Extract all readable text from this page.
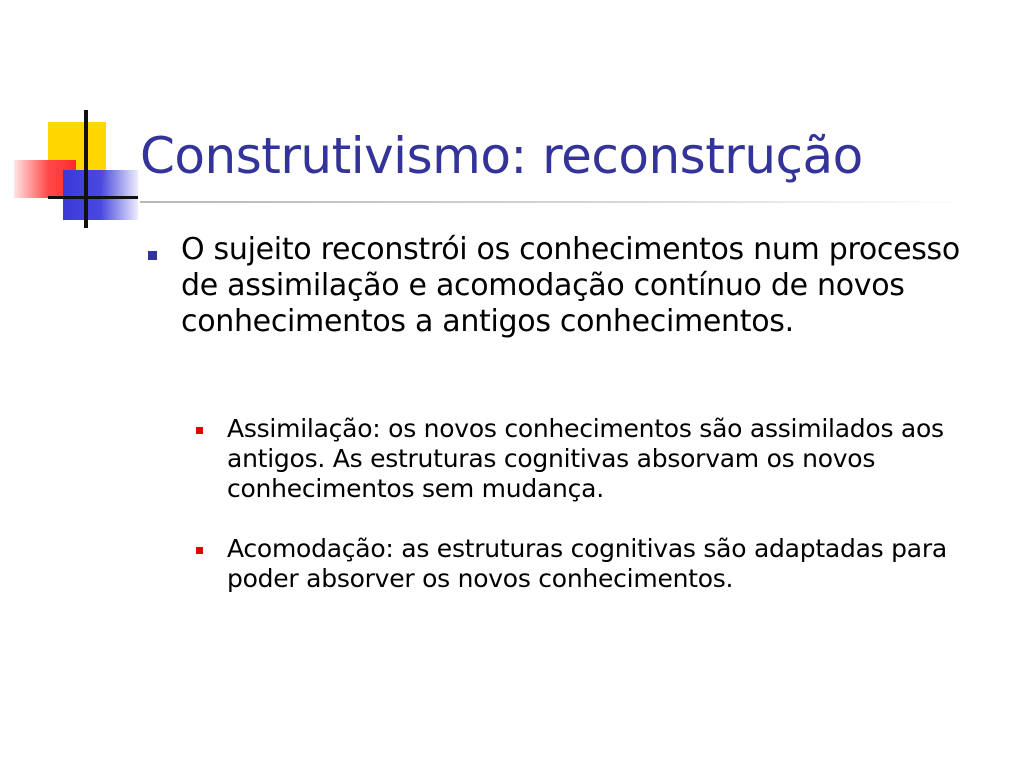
Construtivismo: reconstrução
O sujeito reconstrói os conhecimentos num processo de assimilação e acomodação contínuo de novos conhecimentos a antigos conhecimentos.
Assimilação: os novos conhecimentos são assimilados aos antigos. As estruturas cognitivas absorvam os novos conhecimentos sem mudança.
Acomodação: as estruturas cognitivas são adaptadas para poder absorver os novos conhecimentos.
